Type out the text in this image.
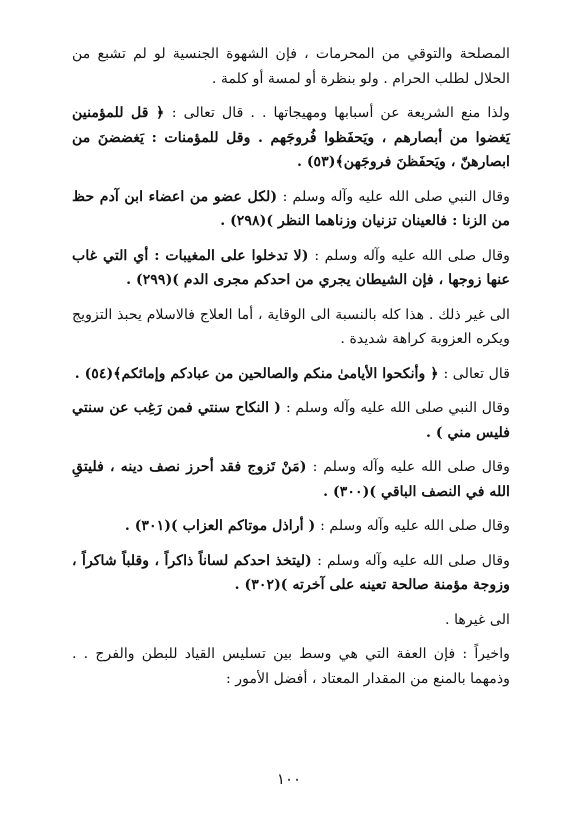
المصلحة والتوقي من المحرمات ، فإن الشهوة الجنسية لو لم تشبع من الحلال لطلب الحرام . ولو بنظرة أو لمسة أو كلمة .

ولذا منع الشريعة عن أسبابها ومهيجاتها . . قال تعالى : ﴿ قل للمؤمنين يَغضوا من أبصارهم ، ويَحفَظوا فُروجَهم . وقل للمؤمنات : يَغضضنَ من ابصارهنّ ، ويَحفَظنَ فروجَهن﴾(٥٣) .

وقال النبي صلى الله عليه وآله وسلم : (لكل عضو من اعضاء ابن آدم حظ من الزنا : فالعينان تزنيان وزناهما النظر )(٢٩٨) .

وقال صلى الله عليه وآله وسلم : (لا تدخلوا على المغيبات : أي التي غاب عنها زوجها ، فإن الشيطان يجري من احدكم مجرى الدم )(٢٩٩) .

الى غير ذلك . هذا كله بالنسبة الى الوقاية ، أما العلاج فالاسلام يحبذ التزويج ويكره العزوبة كراهة شديدة .

قال تعالى : ﴿ وأنكحوا الأيامىٰ منكم والصالحين من عبادكم وإمائكم﴾(٥٤) .

وقال النبي صلى الله عليه وآله وسلم : ( النكاح سنتي فمن رَغِب عن سنتي فليس مني ) .

وقال صلى الله عليه وآله وسلم : (مَنْ تَزوج فقد أحرز نصف دينه ، فليتقِ الله في النصف الباقي )(٣٠٠) .

وقال صلى الله عليه وآله وسلم : ( أراذل موتاكم العزاب )(٣٠١) .

وقال صلى الله عليه وآله وسلم : (ليتخذ احدكم لساناً ذاكراً ، وقلباً شاكراً ، وزوجة مؤمنة صالحة تعينه على آخرته )(٣٠٢) .

الى غيرها .

واخيراً : فإن العفة التي هي وسط بين تسليس القياد للبطن والفرج . . وذمهما بالمنع من المقدار المعتاد ، أفضل الأمور :

١٠٠
